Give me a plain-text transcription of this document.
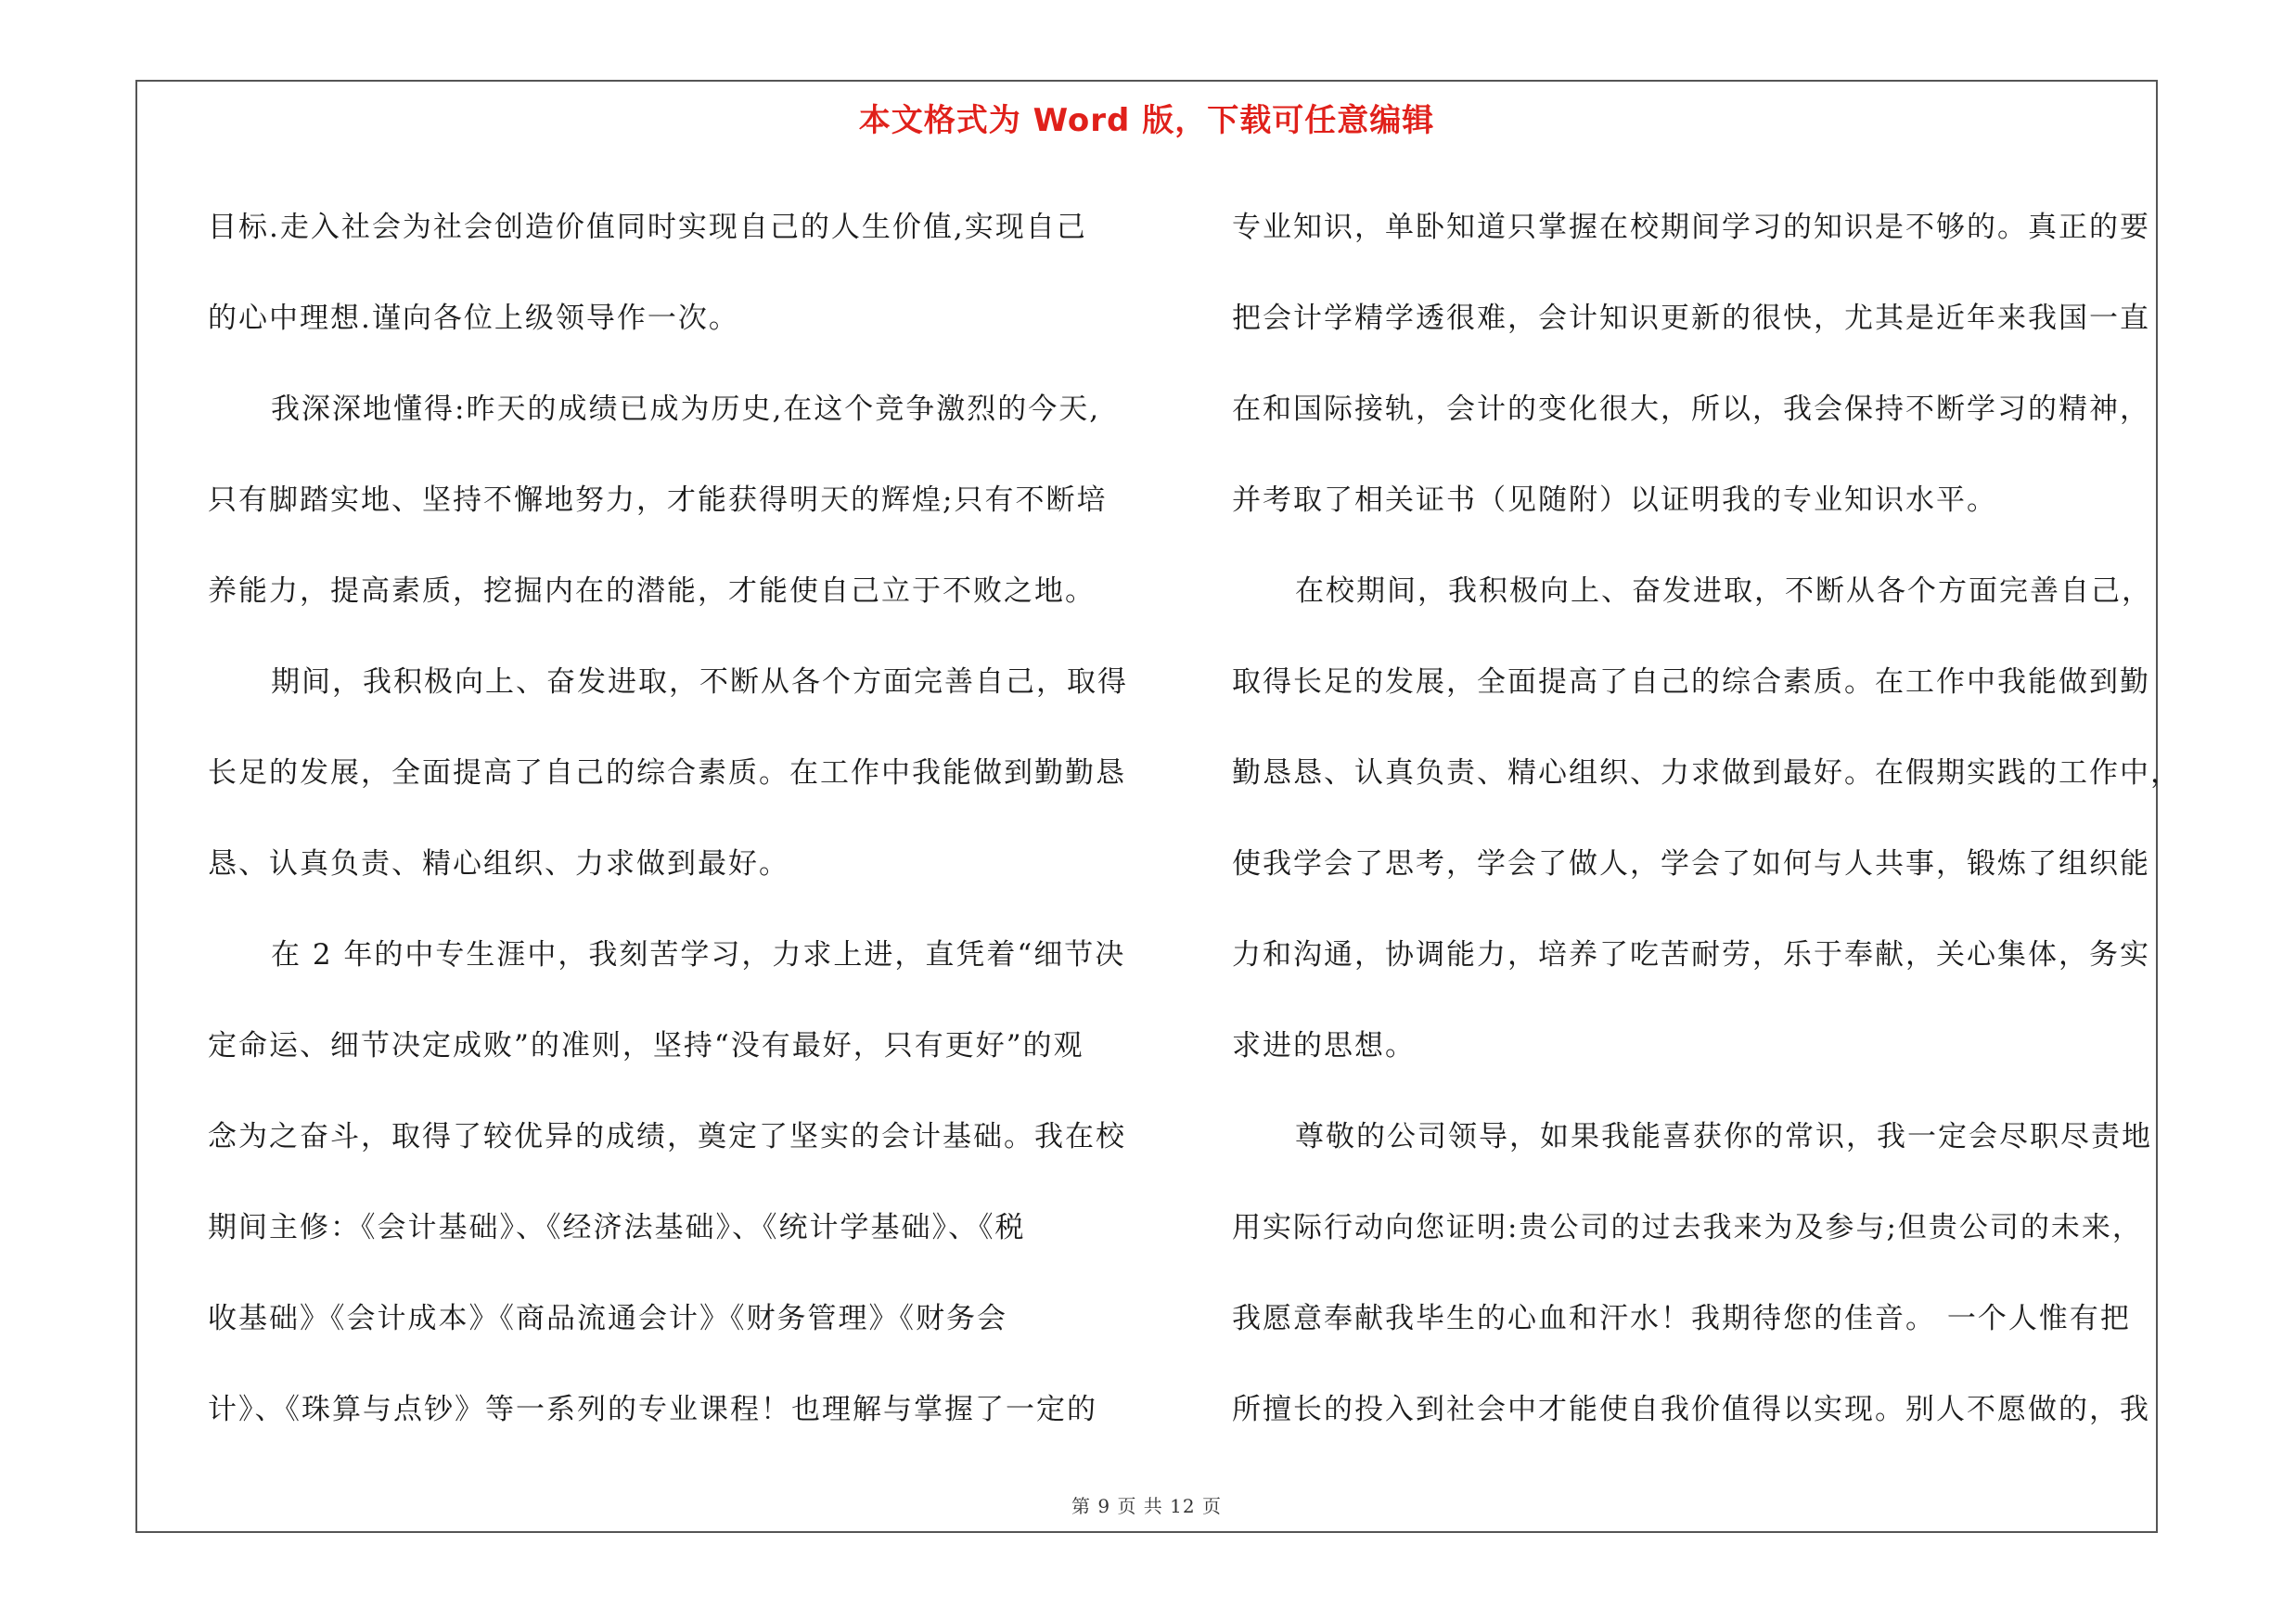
本文格式为 Word 版，下载可任意编辑
目标.走入社会为社会创造价值同时实现自己的人生价值,实现自己
的心中理想.谨向各位上级领导作一次。
我深深地懂得:昨天的成绩已成为历史,在这个竞争激烈的今天,
只有脚踏实地、坚持不懈地努力，才能获得明天的辉煌;只有不断培
养能力，提高素质，挖掘内在的潜能，才能使自己立于不败之地。
期间，我积极向上、奋发进取，不断从各个方面完善自己，取得
长足的发展，全面提高了自己的综合素质。在工作中我能做到勤勤恳
恳、认真负责、精心组织、力求做到最好。
在 2 年的中专生涯中，我刻苦学习，力求上进，直凭着“细节决
定命运、细节决定成败”的准则，坚持“没有最好，只有更好”的观
念为之奋斗，取得了较优异的成绩，奠定了坚实的会计基础。我在校
期间主修：《会计基础》、《经济法基础》、《统计学基础》、《税
收基础》《会计成本》《商品流通会计》《财务管理》《财务会
计》、《珠算与点钞》等一系列的专业课程！也理解与掌握了一定的
专业知识，单卧知道只掌握在校期间学习的知识是不够的。真正的要
把会计学精学透很难，会计知识更新的很快，尤其是近年来我国一直
在和国际接轨，会计的变化很大，所以，我会保持不断学习的精神，
并考取了相关证书（见随附）以证明我的专业知识水平。
在校期间，我积极向上、奋发进取，不断从各个方面完善自己，
取得长足的发展，全面提高了自己的综合素质。在工作中我能做到勤
勤恳恳、认真负责、精心组织、力求做到最好。在假期实践的工作中，
使我学会了思考，学会了做人，学会了如何与人共事，锻炼了组织能
力和沟通，协调能力，培养了吃苦耐劳，乐于奉献，关心集体，务实
求进的思想。
尊敬的公司领导，如果我能喜获你的常识，我一定会尽职尽责地
用实际行动向您证明:贵公司的过去我来为及参与;但贵公司的未来，
我愿意奉献我毕生的心血和汗水！我期待您的佳音。 一个人惟有把
所擅长的投入到社会中才能使自我价值得以实现。别人不愿做的，我
第 9 页 共 12 页
